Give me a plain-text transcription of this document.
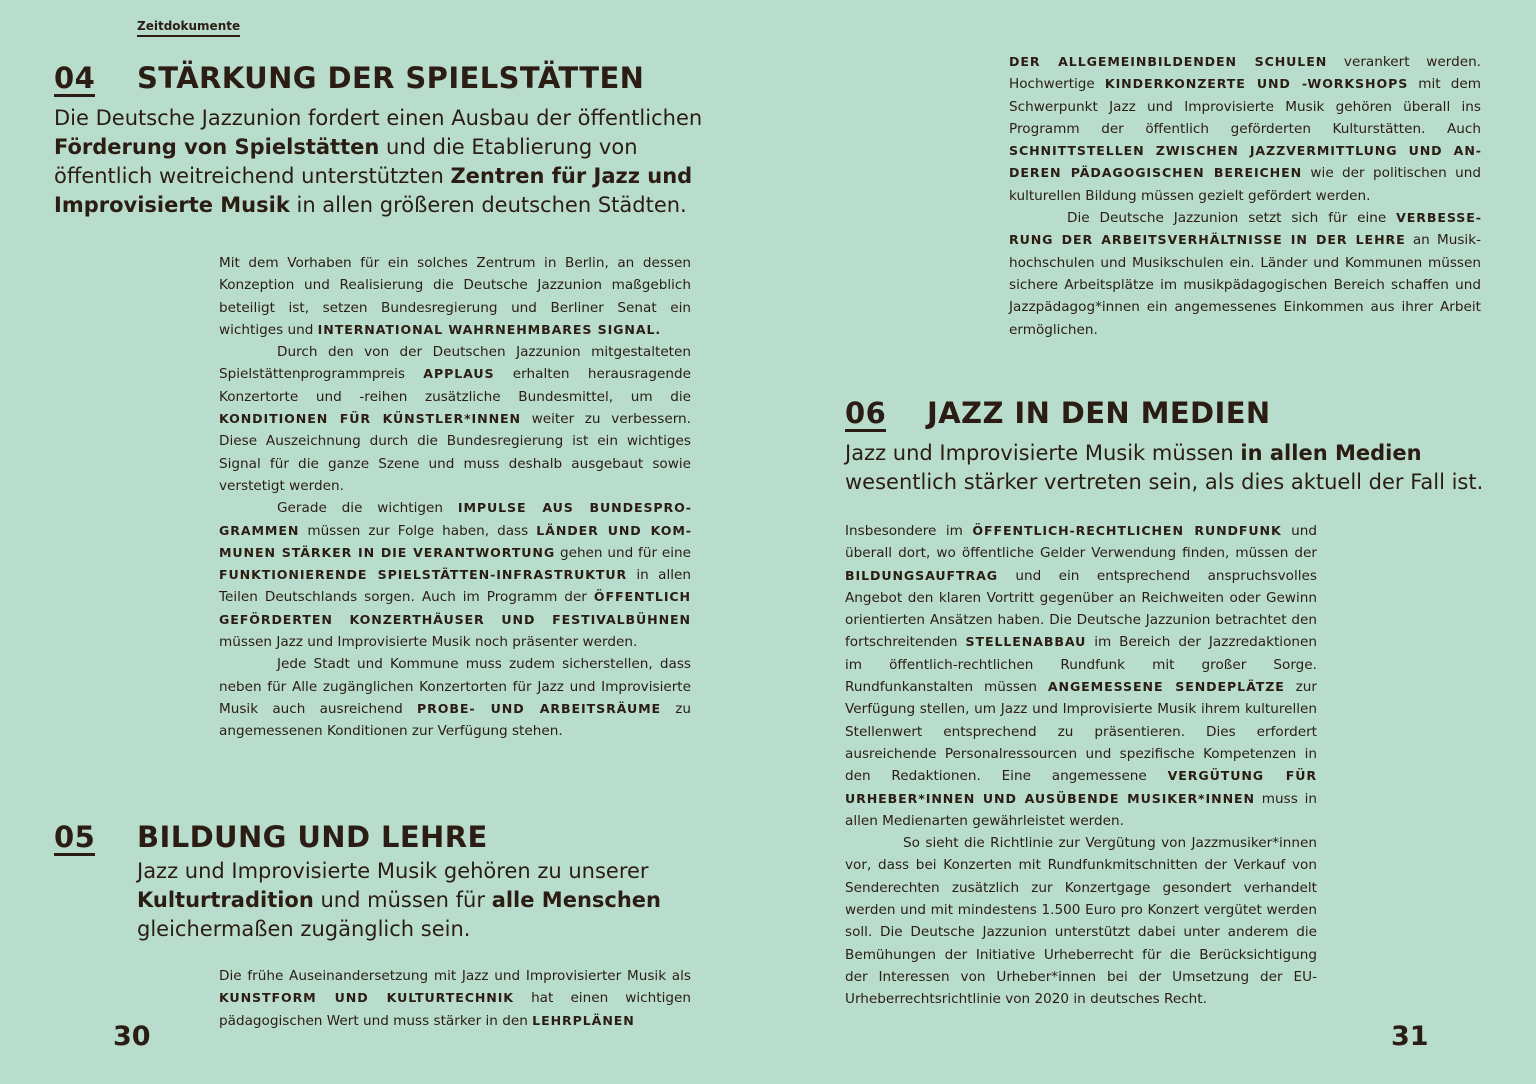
Zeitdokumente
04 STÄRKUNG DER SPIELSTÄTTEN
Die Deutsche Jazzunion fordert einen Ausbau der öffentlichen Förderung von Spielstätten und die Etablierung von öffentlich weitreichend unterstützten Zentren für Jazz und Improvisierte Musik in allen größeren deutschen Städten.

Mit dem Vorhaben für ein solches Zentrum in Berlin, an dessen Konzeption und Realisierung die Deutsche Jazzunion maßgeblich beteiligt ist, setzen Bundesregierung und Berliner Senat ein wichtiges und INTERNATIONAL WAHRNEHMBARES SIGNAL.

Durch den von der Deutschen Jazzunion mitgestalteten Spielstättenprogrammpreis APPLAUS erhalten herausragende Konzertorte und -reihen zusätzliche Bundesmittel, um die KONDITIONEN FÜR KÜNSTLER*INNEN weiter zu verbessern. Diese Auszeichnung durch die Bundesregierung ist ein wichtiges Signal für die ganze Szene und muss deshalb ausgebaut sowie verstetigt werden.

Gerade die wichtigen IMPULSE AUS BUNDESPROGRAMMEN müssen zur Folge haben, dass LÄNDER UND KOMMUNEN STÄRKER IN DIE VERANTWORTUNG gehen und für eine FUNKTIONIERENDE SPIELSTÄTTEN-INFRASTRUKTUR in allen Teilen Deutschlands sorgen. Auch im Programm der ÖFFENTLICH GEFÖRDERTEN KONZERTHÄUSER UND FESTIVALBÜHNEN müssen Jazz und Improvisierte Musik noch präsenter werden.

Jede Stadt und Kommune muss zudem sicherstellen, dass neben für Alle zugänglichen Konzertorten für Jazz und Improvisierte Musik auch ausreichend PROBE- UND ARBEITSRÄUME zu angemessenen Konditionen zur Verfügung stehen.

05 BILDUNG UND LEHRE
Jazz und Improvisierte Musik gehören zu unserer Kulturtradition und müssen für alle Menschen gleichermaßen zugänglich sein.

Die frühe Auseinandersetzung mit Jazz und Improvisierter Musik als KUNSTFORM UND KULTURTECHNIK hat einen wichtigen pädagogischen Wert und muss stärker in den LEHRPLÄNEN

DER ALLGEMEINBILDENDEN SCHULEN verankert werden. Hochwertige KINDERKONZERTE UND -WORKSHOPS mit dem Schwerpunkt Jazz und Improvisierte Musik gehören überall ins Programm der öffentlich geförderten Kulturstätten. Auch SCHNITTSTELLEN ZWISCHEN JAZZVERMITTLUNG UND ANDEREN PÄDAGOGISCHEN BEREICHEN wie der politischen und kulturellen Bildung müssen gezielt gefördert werden.

Die Deutsche Jazzunion setzt sich für eine VERBESSERUNG DER ARBEITSVERHÄLTNISSE IN DER LEHRE an Musikhochschulen und Musikschulen ein. Länder und Kommunen müssen sichere Arbeitsplätze im musikpädagogischen Bereich schaffen und Jazzpädagog*innen ein angemessenes Einkommen aus ihrer Arbeit ermöglichen.

06 JAZZ IN DEN MEDIEN
Jazz und Improvisierte Musik müssen in allen Medien wesentlich stärker vertreten sein, als dies aktuell der Fall ist.

Insbesondere im ÖFFENTLICH-RECHTLICHEN RUNDFUNK und überall dort, wo öffentliche Gelder Verwendung finden, müssen der BILDUNGSAUFTRAG und ein entsprechend anspruchsvolles Angebot den klaren Vortritt gegenüber an Reichweiten oder Gewinn orientierten Ansätzen haben. Die Deutsche Jazzunion betrachtet den fortschreitenden STELLENABBAU im Bereich der Jazzredaktionen im öffentlich-rechtlichen Rundfunk mit großer Sorge. Rundfunkanstalten müssen ANGEMESSENE SENDEPLÄTZE zur Verfügung stellen, um Jazz und Improvisierte Musik ihrem kulturellen Stellenwert entsprechend zu präsentieren. Dies erfordert ausreichende Personalressourcen und spezifische Kompetenzen in den Redaktionen. Eine angemessene VERGÜTUNG FÜR URHEBER*INNEN UND AUSÜBENDE MUSIKER*INNEN muss in allen Medienarten gewährleistet werden.

So sieht die Richtlinie zur Vergütung von Jazzmusiker*innen vor, dass bei Konzerten mit Rundfunkmitschnitten der Verkauf von Senderechten zusätzlich zur Konzertgage gesondert verhandelt werden und mit mindestens 1.500 Euro pro Konzert vergütet werden soll. Die Deutsche Jazzunion unterstützt dabei unter anderem die Bemühungen der Initiative Urheberrecht für die Berücksichtigung der Interessen von Urheber*innen bei der Umsetzung der EU-Urheberrechtsrichtlinie von 2020 in deutsches Recht.

30	31
